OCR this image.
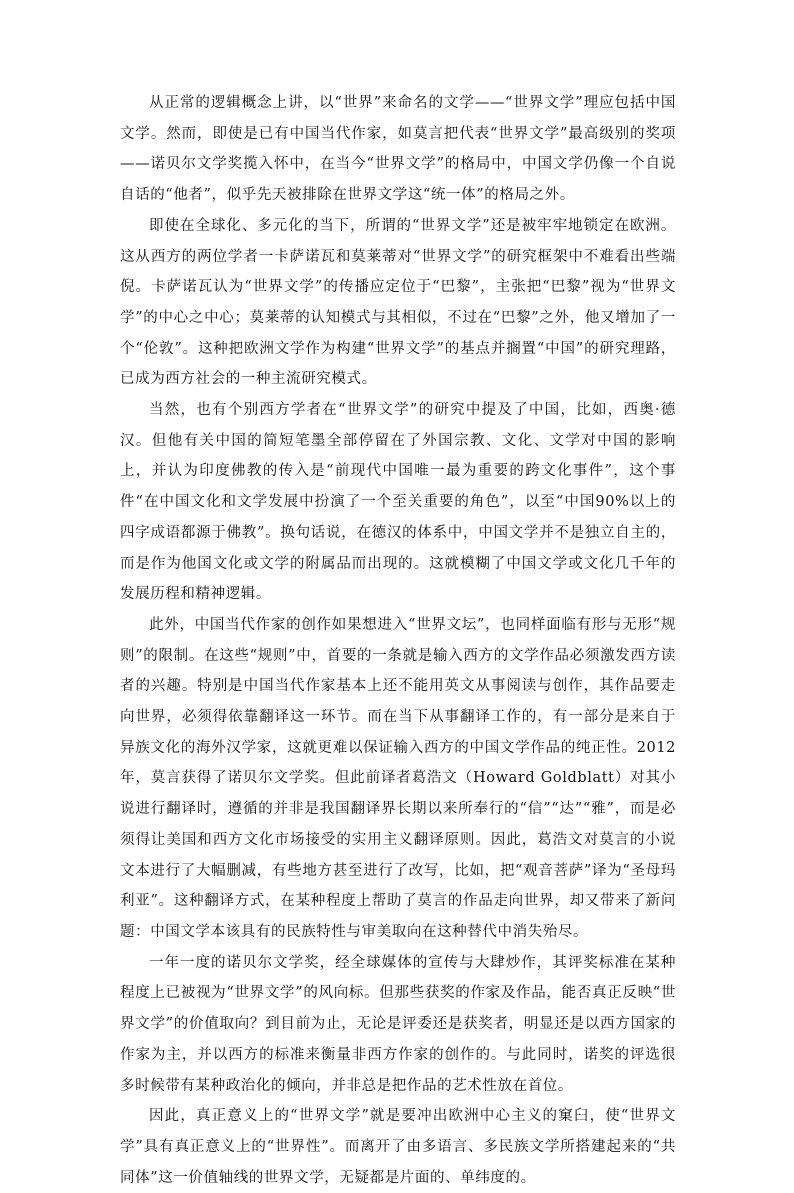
从正常的逻辑概念上讲，以“世界”来命名的文学——“世界文学”理应包括中国文学。然而，即使是已有中国当代作家，如莫言把代表“世界文学”最高级别的奖项——诺贝尔文学奖揽入怀中，在当今“世界文学”的格局中，中国文学仍像一个自说自话的“他者”，似乎先天被排除在世界文学这“统一体”的格局之外。

即使在全球化、多元化的当下，所谓的“世界文学”还是被牢牢地锁定在欧洲。这从西方的两位学者一卡萨诺瓦和莫莱蒂对“世界文学”的研究框架中不难看出些端倪。卡萨诺瓦认为“世界文学”的传播应定位于“巴黎”，主张把“巴黎”视为“世界文学”的中心之中心；莫莱蒂的认知模式与其相似，不过在“巴黎”之外，他又增加了一个“伦敦”。这种把欧洲文学作为构建“世界文学”的基点并搁置“中国”的研究理路，已成为西方社会的一种主流研究模式。

当然，也有个别西方学者在“世界文学”的研究中提及了中国，比如，西奥·德汉。但他有关中国的简短笔墨全部停留在了外国宗教、文化、文学对中国的影响上，并认为印度佛教的传入是“前现代中国唯一最为重要的跨文化事件”，这个事件“在中国文化和文学发展中扮演了一个至关重要的角色”，以至“中国90%以上的四字成语都源于佛教”。换句话说，在德汉的体系中，中国文学并不是独立自主的，而是作为他国文化或文学的附属品而出现的。这就模糊了中国文学或文化几千年的发展历程和精神逻辑。

此外，中国当代作家的创作如果想进入“世界文坛”，也同样面临有形与无形“规则”的限制。在这些“规则”中，首要的一条就是输入西方的文学作品必须激发西方读者的兴趣。特别是中国当代作家基本上还不能用英文从事阅读与创作，其作品要走向世界，必须得依靠翻译这一环节。而在当下从事翻译工作的，有一部分是来自于异族文化的海外汉学家，这就更难以保证输入西方的中国文学作品的纯正性。2012年，莫言获得了诺贝尔文学奖。但此前译者葛浩文（Howard Goldblatt）对其小说进行翻译时，遵循的并非是我国翻译界长期以来所奉行的“信”“达”“雅”，而是必须得让美国和西方文化市场接受的实用主义翻译原则。因此，葛浩文对莫言的小说文本进行了大幅删减，有些地方甚至进行了改写，比如，把“观音菩萨”译为“圣母玛利亚”。这种翻译方式，在某种程度上帮助了莫言的作品走向世界，却又带来了新问题：中国文学本该具有的民族特性与审美取向在这种替代中消失殆尽。

一年一度的诺贝尔文学奖，经全球媒体的宣传与大肆炒作，其评奖标准在某种程度上已被视为“世界文学”的风向标。但那些获奖的作家及作品，能否真正反映“世界文学”的价值取向？到目前为止，无论是评委还是获奖者，明显还是以西方国家的作家为主，并以西方的标准来衡量非西方作家的创作的。与此同时，诺奖的评选很多时候带有某种政治化的倾向，并非总是把作品的艺术性放在首位。

因此，真正意义上的“世界文学”就是要冲出欧洲中心主义的窠臼，使“世界文学”具有真正意义上的“世界性”。而离开了由多语言、多民族文学所搭建起来的“共同体”这一价值轴线的世界文学，无疑都是片面的、单纬度的。
